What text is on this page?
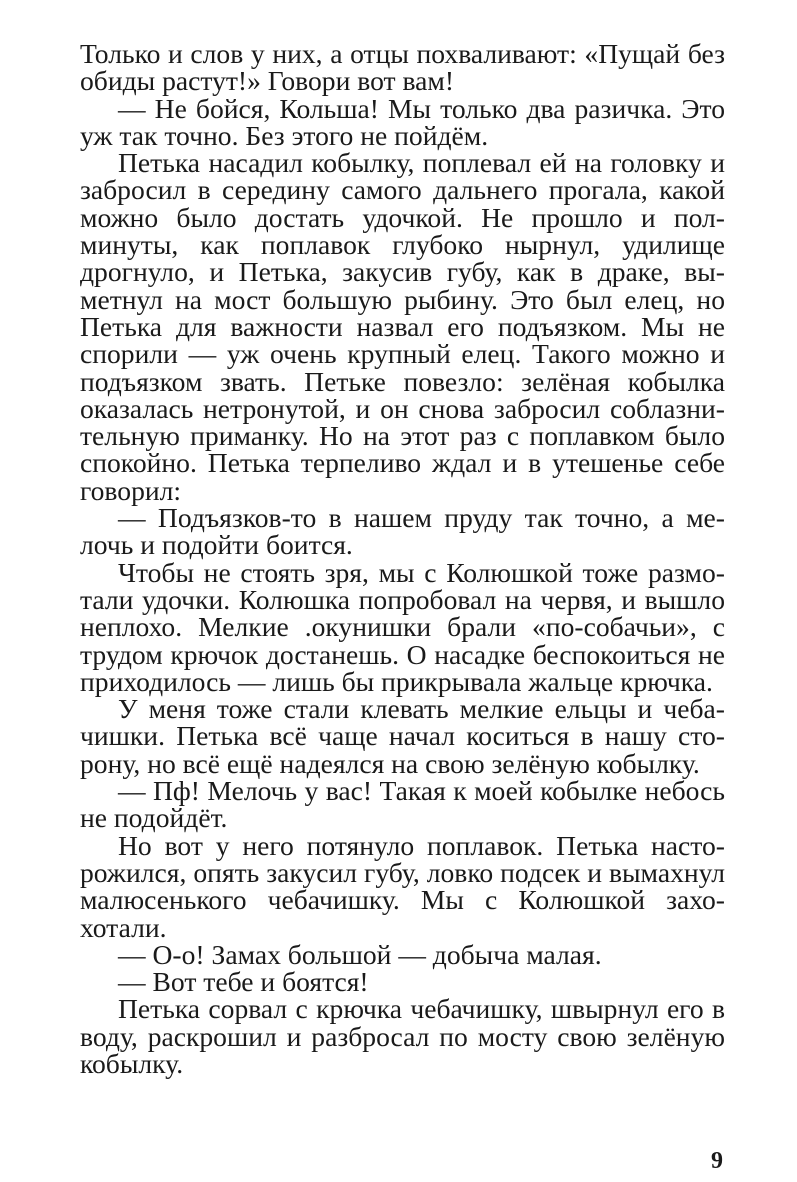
Только и слов у них, а отцы похваливают: «Пущай без обиды растут!» Говори вот вам!

— Не бойся, Кольша! Мы только два разичка. Это уж так точно. Без этого не пойдём.

Петька насадил кобылку, поплевал ей на головку и забросил в середину самого дальнего прогала, какой можно было достать удочкой. Не прошло и полминуты, как поплавок глубоко нырнул, удилище дрогнуло, и Петька, закусив губу, как в драке, выметнул на мост большую рыбину. Это был елец, но Петька для важности назвал его подъязком. Мы не спорили — уж очень крупный елец. Такого можно и подъязком звать. Петьке повезло: зелёная кобылка оказалась нетронутой, и он снова забросил соблазнительную приманку. Но на этот раз с поплавком было спокойно. Петька терпеливо ждал и в утешенье себе говорил:

— Подъязков-то в нашем пруду так точно, а мелочь и подойти боится.

Чтобы не стоять зря, мы с Колюшкой тоже размотали удочки. Колюшка попробовал на червя, и вышло неплохо. Мелкие .окунишки брали «по-собачьи», с трудом крючок достанешь. О насадке беспокоиться не приходилось — лишь бы прикрывала жальце крючка.

У меня тоже стали клевать мелкие ельцы и чебачишки. Петька всё чаще начал коситься в нашу сторону, но всё ещё надеялся на свою зелёную кобылку.

— Пф! Мелочь у вас! Такая к моей кобылке небось не подойдёт.

Но вот у него потянуло поплавок. Петька насторожился, опять закусил губу, ловко подсек и вымахнул малюсенького чебачишку. Мы с Колюшкой захохотали.

— О-о! Замах большой — добыча малая.

— Вот тебе и боятся!

Петька сорвал с крючка чебачишку, швырнул его в воду, раскрошил и разбросал по мосту свою зелёную кобылку.

9
